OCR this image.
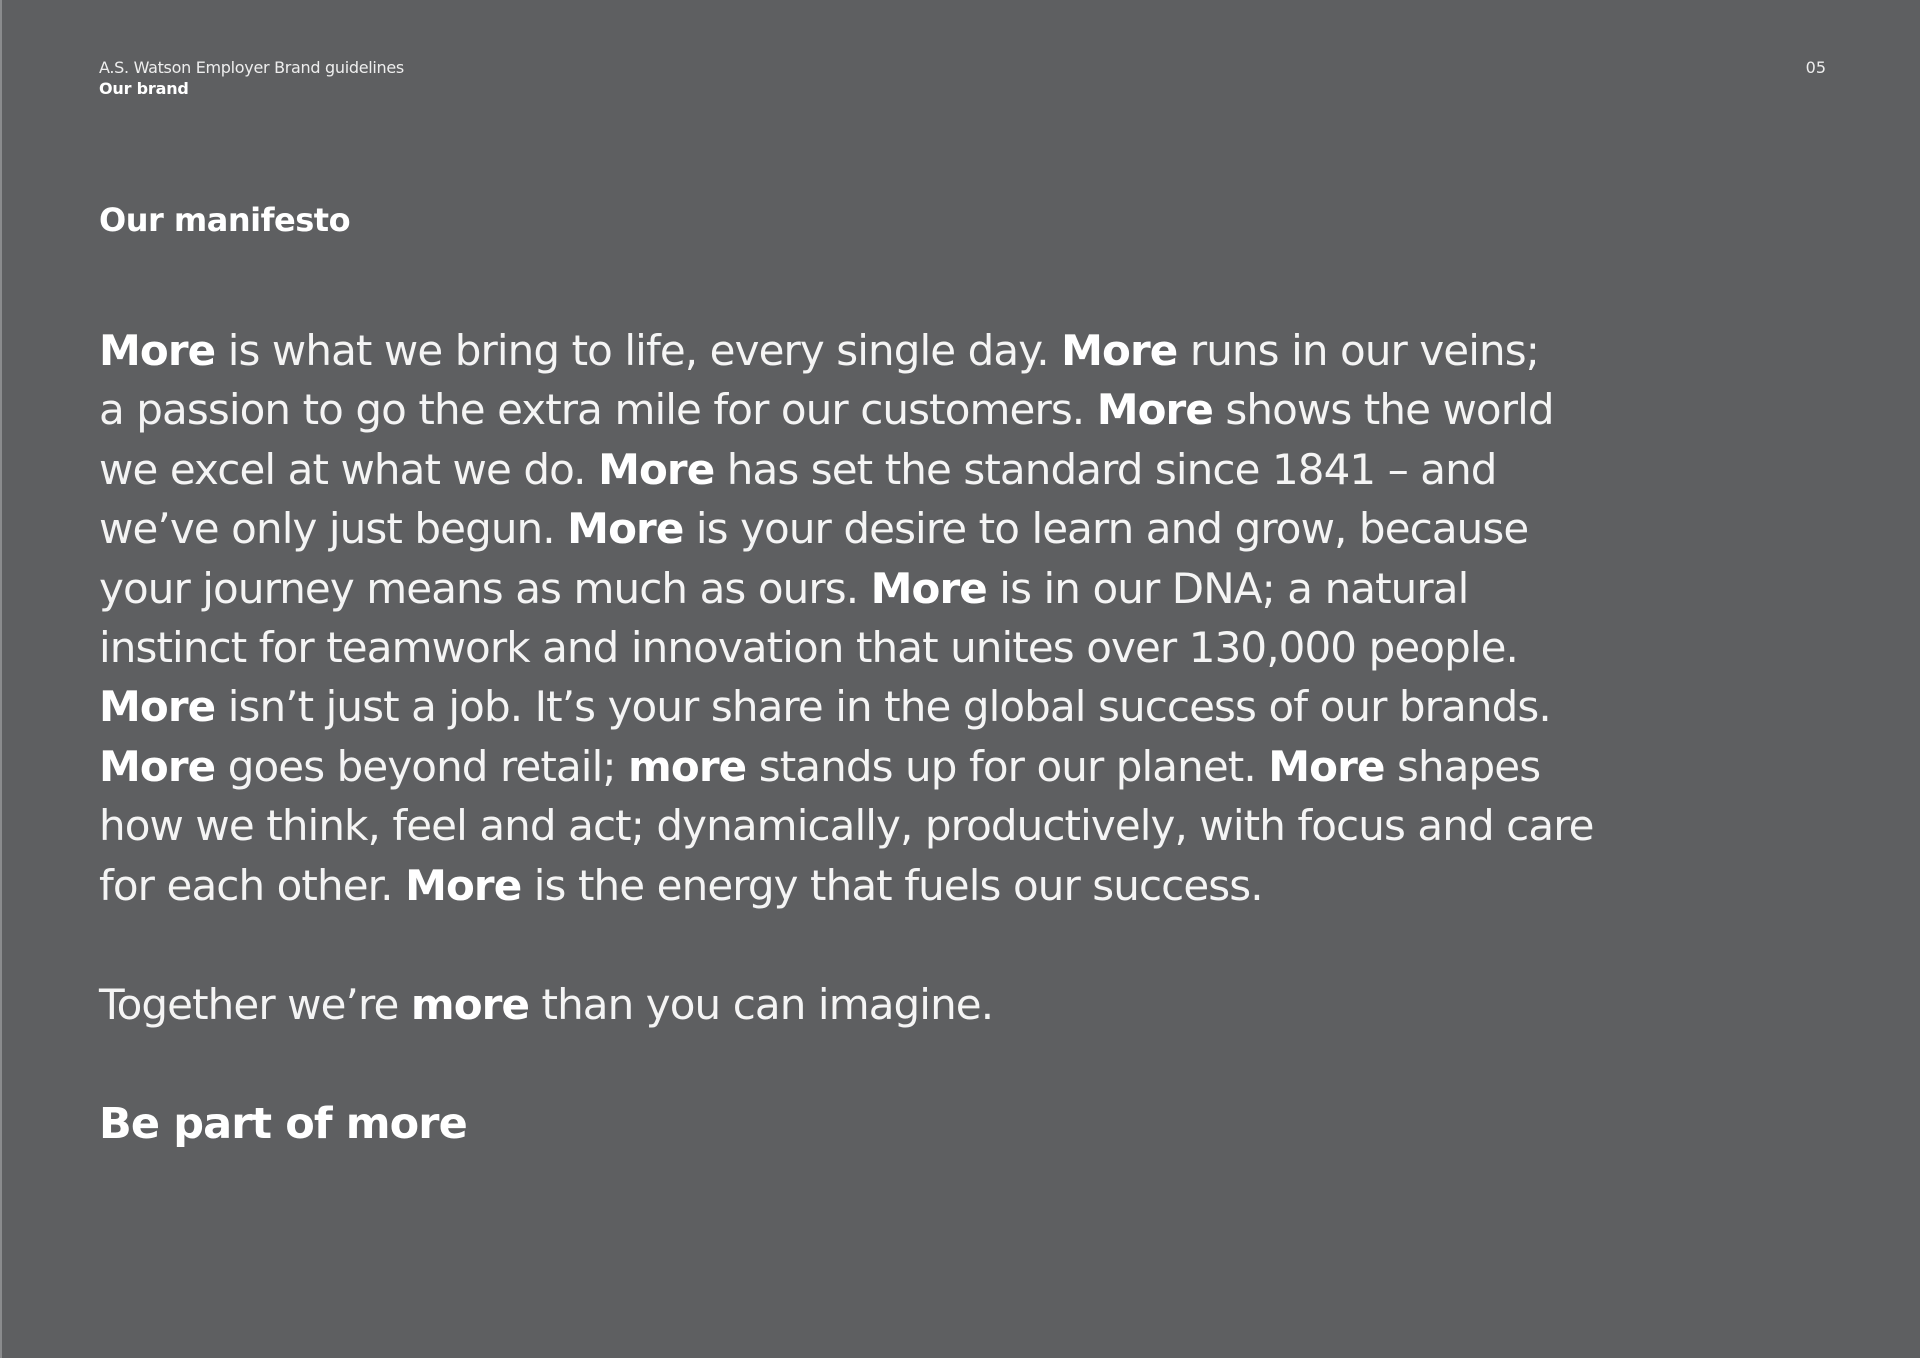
A.S. Watson Employer Brand guidelines
Our brand
05
Our manifesto
More is what we bring to life, every single day. More runs in our veins;
a passion to go the extra mile for our customers. More shows the world
we excel at what we do. More has set the standard since 1841 – and
we’ve only just begun. More is your desire to learn and grow, because
your journey means as much as ours. More is in our DNA; a natural
instinct for teamwork and innovation that unites over 130,000 people.
More isn’t just a job. It’s your share in the global success of our brands.
More goes beyond retail; more stands up for our planet. More shapes
how we think, feel and act; dynamically, productively, with focus and care
for each other. More is the energy that fuels our success.
Together we’re more than you can imagine.
Be part of more
